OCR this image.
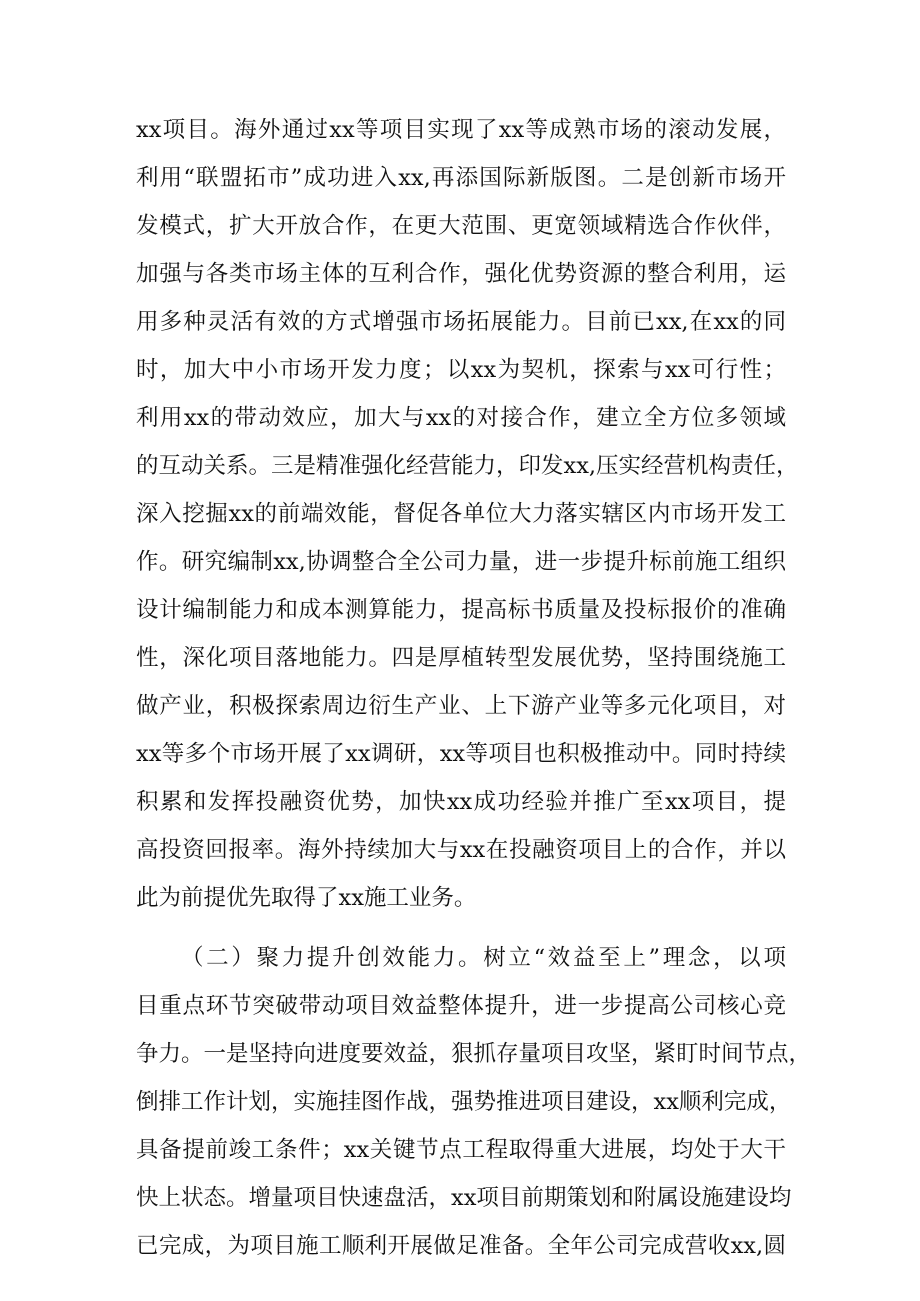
xx项目。海外通过xx等项目实现了xx等成熟市场的滚动发展，
利用“联盟拓市”成功进入xx,再添国际新版图。二是创新市场开
发模式，扩大开放合作，在更大范围、更宽领域精选合作伙伴，
加强与各类市场主体的互利合作，强化优势资源的整合利用，运
用多种灵活有效的方式增强市场拓展能力。目前已xx,在xx的同
时，加大中小市场开发力度；以xx为契机，探索与xx可行性；
利用xx的带动效应，加大与xx的对接合作，建立全方位多领域
的互动关系。三是精准强化经营能力，印发xx,压实经营机构责任，
深入挖掘xx的前端效能，督促各单位大力落实辖区内市场开发工
作。研究编制xx,协调整合全公司力量，进一步提升标前施工组织
设计编制能力和成本测算能力，提高标书质量及投标报价的准确
性，深化项目落地能力。四是厚植转型发展优势，坚持围绕施工
做产业，积极探索周边衍生产业、上下游产业等多元化项目，对
xx等多个市场开展了xx调研，xx等项目也积极推动中。同时持续
积累和发挥投融资优势，加快xx成功经验并推广至xx项目，提
高投资回报率。海外持续加大与xx在投融资项目上的合作，并以
此为前提优先取得了xx施工业务。
（二）聚力提升创效能力。树立“效益至上”理念，以项
目重点环节突破带动项目效益整体提升，进一步提高公司核心竞
争力。一是坚持向进度要效益，狠抓存量项目攻坚，紧盯时间节点，
倒排工作计划，实施挂图作战，强势推进项目建设，xx顺利完成，
具备提前竣工条件；xx关键节点工程取得重大进展，均处于大干
快上状态。增量项目快速盘活，xx项目前期策划和附属设施建设均
已完成，为项目施工顺利开展做足准备。全年公司完成营收xx,圆
